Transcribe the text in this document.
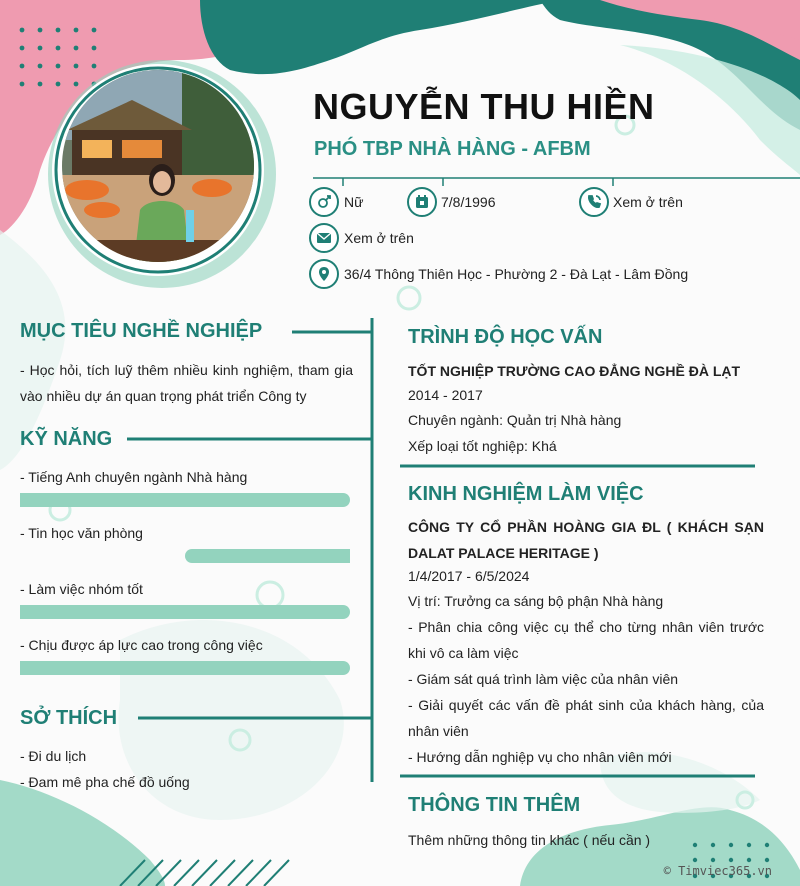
NGUYỄN THU HIỀN
PHÓ TBP NHÀ HÀNG - AFBM
Nữ	7/8/1996	Xem ở trên
Xem ở trên
36/4 Thông Thiên Học - Phường 2 - Đà Lạt - Lâm Đồng
MỤC TIÊU NGHỀ NGHIỆP
- Học hỏi, tích luỹ thêm nhiều kinh nghiệm, tham gia vào nhiều dự án quan trọng phát triển Công ty
KỸ NĂNG
- Tiếng Anh chuyên ngành Nhà hàng
- Tin học văn phòng
- Làm việc nhóm tốt
- Chịu được áp lực cao trong công việc
SỞ THÍCH
- Đi du lịch
- Đam mê pha chế đồ uống
TRÌNH ĐỘ HỌC VẤN
TỐT NGHIỆP TRƯỜNG CAO ĐẲNG NGHỀ ĐÀ LẠT
2014 - 2017
Chuyên ngành: Quản trị Nhà hàng
Xếp loại tốt nghiệp: Khá
KINH NGHIỆM LÀM VIỆC
CÔNG TY CỔ PHẦN HOÀNG GIA ĐL ( KHÁCH SẠN DALAT PALACE HERITAGE )
1/4/2017 - 6/5/2024
Vị trí: Trưởng ca sáng bộ phận Nhà hàng
- Phân chia công việc cụ thể cho từng nhân viên trước khi vô ca làm việc
- Giám sát quá trình làm việc của nhân viên
- Giải quyết các vấn đề phát sinh của khách hàng, của nhân viên
- Hướng dẫn nghiệp vụ cho nhân viên mới
THÔNG TIN THÊM
Thêm những thông tin khác ( nếu cần )
© Timviec365.vn
